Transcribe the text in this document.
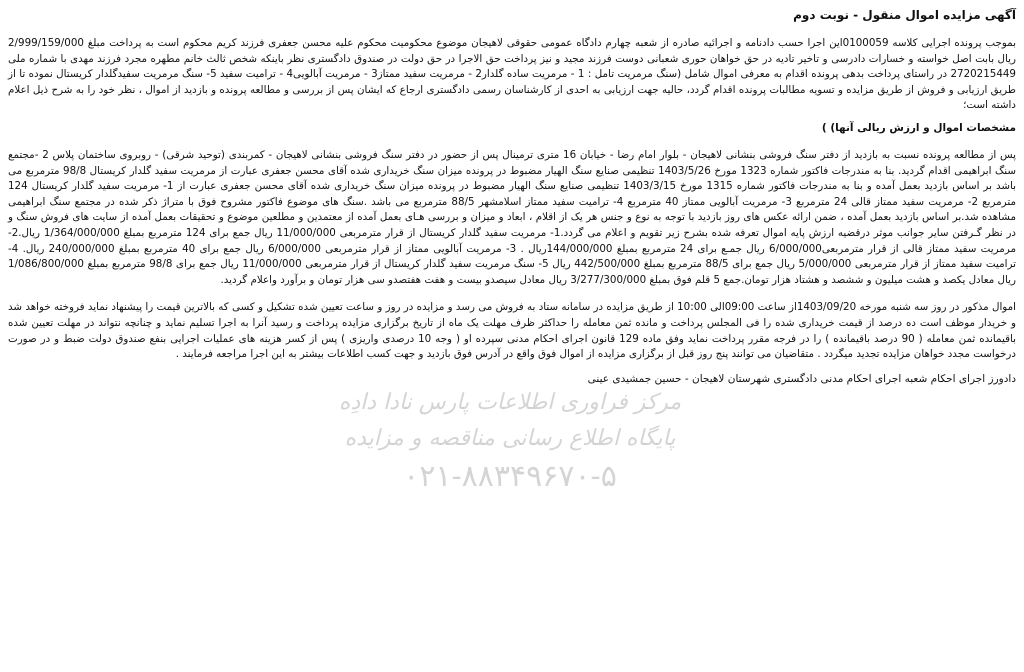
آگهی مزایده اموال منقول - نوبت دوم

بموجب پرونده اجرایی کلاسه 0100059این اجرا حسب دادنامه و اجرائیه صادره از شعبه چهارم دادگاه عمومی حقوقی لاهیجان موضوع محکومیت محکوم علیه محسن جعفری فرزند کریم محکوم است به پرداخت مبلغ 2/999/159/000 ریال بابت اصل خواسته و خسارات دادرسی و تاخیر تادیه در حق خواهان حوری شعبانی دوست فرزند مجید و نیز پرداخت حق الاجرا در حق دولت در صندوق دادگستری نظر باینکه شخص ثالث خانم مطهره مجرد فرزند مهدی با شماره ملی 2720215449 در راستای پرداخت بدهی پرونده اقدام به معرفی اموال شامل (سنگ مرمریت تامل : 1 - مرمریت ساده گلدار2 - مرمریت سفید ممتاز3 - مرمریت آبالویی4 - تراميت سفید 5- سنگ مرمریت سفیدگلدار کریستال نموده تا از طریق ارزیابی و فروش از طریق مزایده و تسویه مطالبات پرونده اقدام گردد، حالیه جهت ارزیابی به احدی از کارشناسان رسمی دادگستری ارجاع که ایشان پس از بررسی و مطالعه پرونده و بازدید از اموال ، نظر خود را به شرح ذیل اعلام داشته است؛

مشخصات اموال و ارزش ریالی آنها) )

پس از مطالعه پرونده نسبت به بازدید از دفتر سنگ فروشی بنشانی لاهیجان - بلوار امام رضا - خیابان 16 متری ترمینال پس از حضور در دفتر سنگ فروشی بنشانی لاهیجان - کمربندی (توحید شرقی) - روبروی ساختمان پلاس 2 -مجتمع سنگ ابراهیمی اقدام گردید. بنا به مندرجات فاکتور شماره 1323 مورخ 1403/5/26 تنظیمی صنایع سنگ الهیار مضبوط در پرونده میزان سنگ خریداری شده آقای محسن جعفری عبارت از مرمریت سفید گلدار کریستال 98/8 مترمربع می باشد بر اساس بازدید بعمل آمده و بنا به مندرجات فاکتور شماره 1315 مورخ 1403/3/15 تنظیمی صنایع سنگ الهیار مضبوط در پرونده میزان سنگ خریداری شده آقای محسن جعفری عبارت از 1- مرمریت سفید گلدار کریستال 124 مترمربع 2- مرمریت سفید ممتاز قالی 24 مترمربع 3- مرمریت آبالویی ممتاز 40 مترمربع 4- تراميت سفید ممتاز اسلامشهر 88/5 مترمربع می باشد .سنگ های موضوع فاکتور مشروح فوق با متراژ ذکر شده در مجتمع سنگ ابراهیمی مشاهده شد.بر اساس بازدید بعمل آمده ، ضمن ارائه عکس های روز بازدید با توجه به نوع و جنس هر یک از اقلام ، ابعاد و میزان و بررسی هـای بعمل آمده از معتمدین و مطلعین موضوع و تحقیقات بعمل آمده از سایت های فروش سنگ و در نظر گـرفتن سایر جوانب موثر درقضیه ارزش پایه اموال تعرفه شده بشرح زیر تقویم و اعلام می گردد.1- مرمریت سفید گلدار کریستال از قرار مترمربعی 11/000/000 ریال جمع برای 124 مترمربع بمبلغ 1/364/000/000 ریال.2- مرمریت سفید ممتاز قالی از قرار مترمربعی6/000/000 ریال جمـع برای 24 مترمربع بمبلغ 144/000/000ریال . 3- مرمریت آبالویی ممتاز از قرار مترمربعی 6/000/000 ریال جمع برای 40 مترمربع بمبلغ 240/000/000 ریال. 4- تراميت سفید ممتاز از قرار مترمربعی 5/000/000 ریال جمع برای 88/5 مترمربع بمبلغ 442/500/000 ریال 5- سنگ مرمریت سفید گلدار کریستال از قرار مترمربعی 11/000/000 ریال جمع برای 98/8 مترمربع بمبلغ 1/086/800/000 ریال معادل یکصد و هشت میلیون و ششصد و هشتاد هزار تومان.جمع 5 قلم فوق بمبلغ 3/277/300/000 ریال معادل سیصدو بیست و هفت هفتصدو سی هزار تومان و برآورد واعلام گردید.

اموال مذکور در روز سه شنبه مورخه 1403/09/20از ساعت 09:00الی 10:00 از طریق مزایده در سامانه ستاد به فروش می رسد و مزایده در روز و ساعت تعیین شده تشکیل و کسی که بالاترین قیمت را پیشنهاد نماید فروخته خواهد شد و خریدار موظف است ده درصد از قیمت خریداری شده را فی المجلس پرداخت و مانده ثمن معامله را حداکثر ظرف مهلت یک ماه از تاریخ برگزاری مزایده پرداخت و رسید آنرا به اجرا تسلیم نماید و چنانچه نتواند در مهلت تعیین شده باقیمانده ثمن معامله ( 90 درصد باقیمانده ) را در فرجه مقرر پرداخت نماید وفق ماده 129 قانون اجرای احکام مدنی سپرده او ( وجه 10 درصدی واریزی ) پس از کسر هزینه های عملیات اجرایی بنفع صندوق دولت ضبط و در صورت درخواست مجدد خواهان مزایده تجدید میگردد . متقاضیان می توانند پنج روز قبل از برگزاری مزایده از اموال فوق واقع در آدرس فوق بازدید و جهت کسب اطلاعات بیشتر به این اجرا مراجعه فرمایند .

دادورز اجرای احکام شعبه اجرای احکام مدنی دادگستری شهرستان لاهیجان - حسین جمشیدی عینی
مرکز فراوری اطلاعات پارس نادا دادِه
پایگاه اطلاع رسانی مناقصه و مزایده
۰۲۱-۸۸۳۴۹۶۷۰-۵
